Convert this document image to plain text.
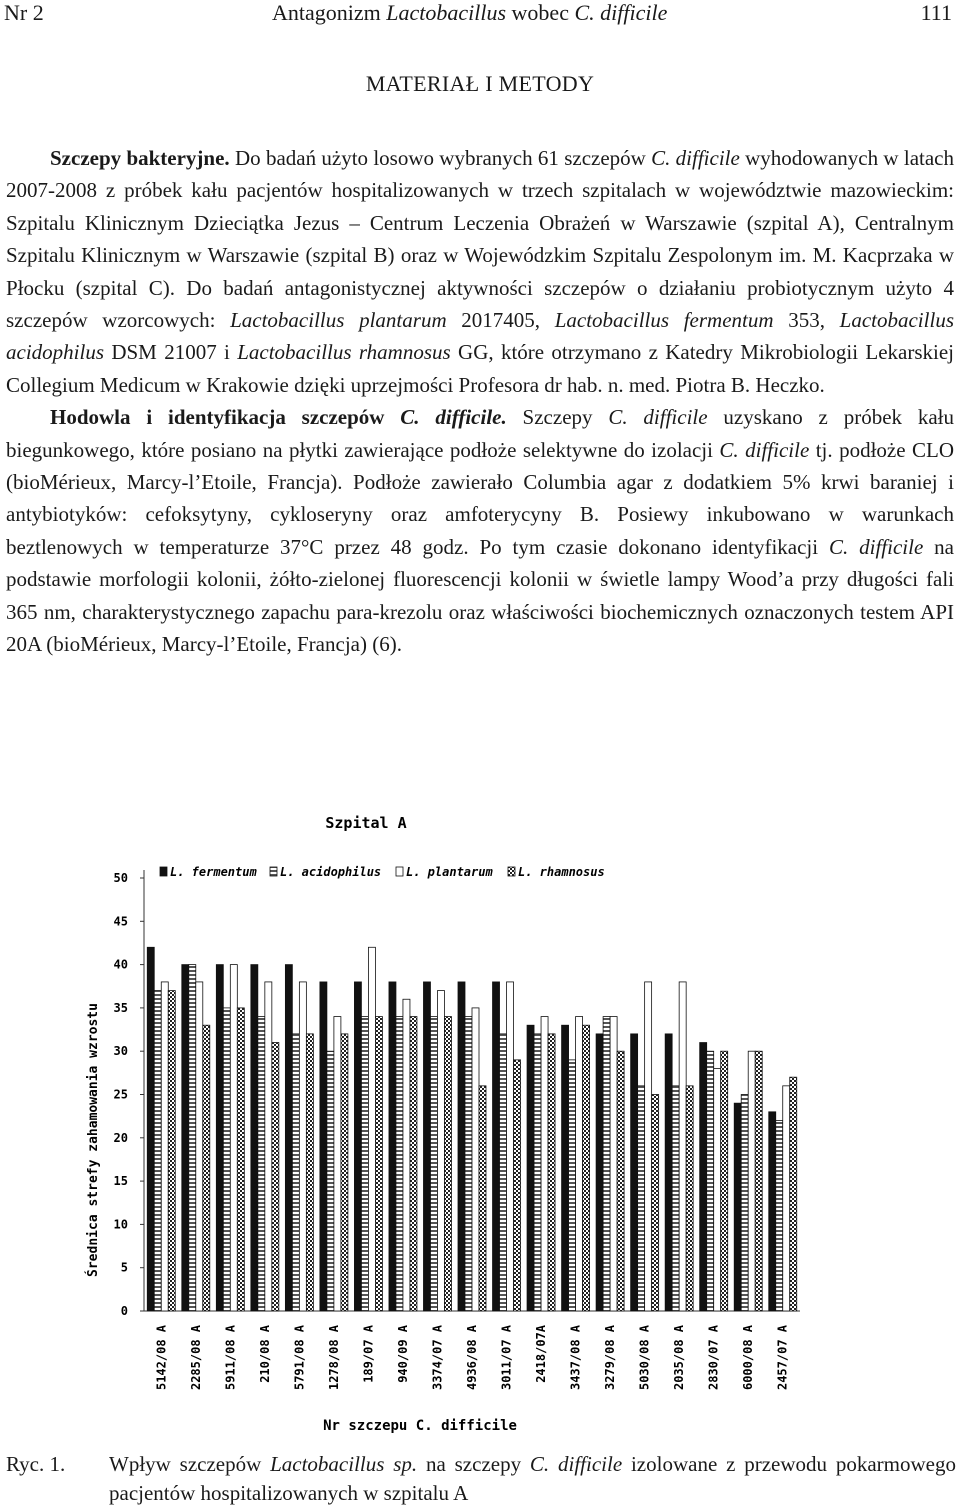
Nr 2	Antagonizm Lactobacillus wobec C. difficile	111
MATERIAŁ I METODY

Szczepy bakteryjne. Do badań użyto losowo wybranych 61 szczepów C. difficile wyhodowanych w latach 2007-2008 z próbek kału pacjentów hospitalizowanych w trzech szpitalach w województwie mazowieckim: Szpitalu Klinicznym Dzieciątka Jezus – Centrum Leczenia Obrażeń w Warszawie (szpital A), Centralnym Szpitalu Klinicznym w Warszawie (szpital B) oraz w Wojewódzkim Szpitalu Zespolonym im. M. Kacprzaka w Płocku (szpital C). Do badań antagonistycznej aktywności szczepów o działaniu probiotycznym użyto 4 szczepów wzorcowych: Lactobacillus plantarum 2017405, Lactobacillus fermentum 353, Lactobacillus acidophilus DSM 21007 i Lactobacillus rhamnosus GG, które otrzymano z Katedry Mikrobiologii Lekarskiej Collegium Medicum w Krakowie dzięki uprzejmości Profesora dr hab. n. med. Piotra B. Heczko.

Hodowla i identyfikacja szczepów C. difficile. Szczepy C. difficile uzyskano z próbek kału biegunkowego, które posiano na płytki zawierające podłoże selektywne do izolacji C. difficile tj. podłoże CLO (bioMérieux, Marcy-l’Etoile, Francja). Podłoże zawierało Columbia agar z dodatkiem 5% krwi baraniej i antybiotyków: cefoksytyny, cykloseryny oraz amfoterycyny B. Posiewy inkubowano w warunkach beztlenowych w temperaturze 37°C przez 48 godz. Po tym czasie dokonano identyfikacji C. difficile na podstawie morfologii kolonii, żółto-zielonej fluorescencji kolonii w świetle lampy Wood’a przy długości fali 365 nm, charakterystycznego zapachu para-krezolu oraz właściwości biochemicznych oznaczonych testem API 20A (bioMérieux, Marcy-l’Etoile, Francja) (6).

0
5
10
15
20
25
30
35
40
45
50
5142/08 A 2285/08 A 5911/08 A 210/08 A 5791/08 A 1278/08 A 189/07 A 940/09 A 3374/07 A 4936/08 A 3011/07 A 2418/07A 3437/08 A 3279/08 A 5030/08 A 2035/08 A 2830/07 A 6000/08 A 2457/07 A
L. fermentum L. acidophilus L. plantarum L. rhamnosus
Szpital A
Średnica strefy zahamowania wzrostu
Nr szczepu C. difficile
Ryc. 1. Wpływ szczepów Lactobacillus sp. na szczepy C. difficile izolowane z przewodu pokarmowego pacjentów hospitalizowanych w szpitalu A
